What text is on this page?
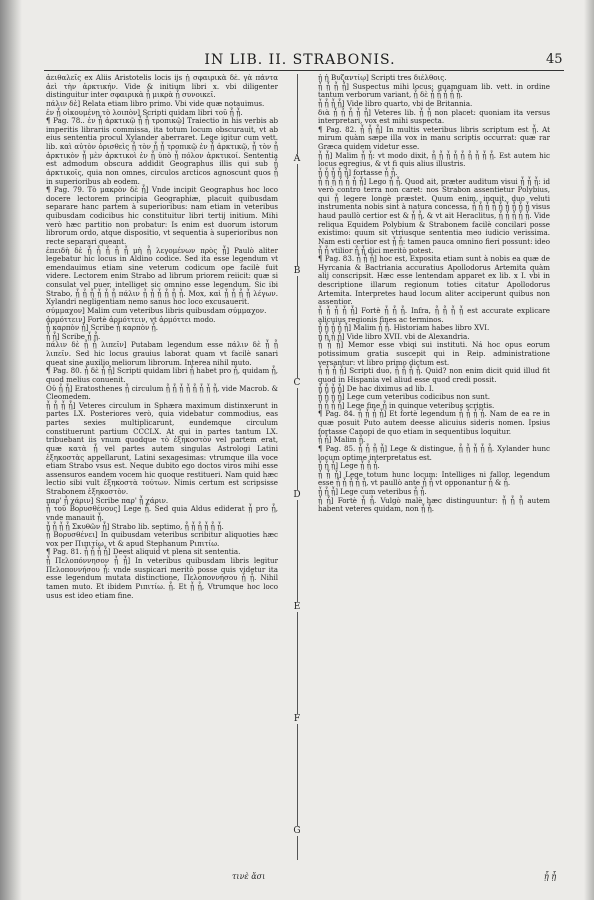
IN LIB. II. STRABONIS.	45

ἀειθαλεῖς ex Aliis Aristotelis locis ijs ᾗ σφαιρικὰ δὲ. γὰ πάντα ἀεὶ τὴν ἀρκτικήν. Vide & initium libri x. vbi diligenter distinguitur inter σφαιρικὰ ᾗ μικρὰ ᾗ συνοικεῖ.

πάλιν δὲ] Relata etiam libro primo. Vbi vide quæ notauimus.

ἐν ᾗ οἰκουμένῃ τὸ λοιπὸν] Scripti quidam libri τοῦ ᾗ ᾗ.

¶ Pag. 78.. ἐν ᾗ ἀρκτικῷ ᾗ ᾗ τροπικῷ] Traiectio in his verbis ab imperitis librariis commissa, ita totum locum obscurauit, vt ab eius sententia procul Xylander aberraret. Lege igitur cum vett. lib. καὶ αὐτὸν ὁρισθεὶς ᾗ τὸν ᾗ ᾗ τροπικῷ ἐν ᾗ ἀρκτικῷ, ᾗ τὸν ᾗ ἀρκτικὸν ᾗ μὲν ἀρκτικοὶ ἐν ᾗ ὑπὸ ᾗ πόλον ἀρκτικοί. Sententia est admodum obscura addidit Geographus illis qui sub ᾗ ἀρκτικοῖς, quia non omnes, circulos arcticos agnoscunt quos ᾗ in superioribus ab eodem.

¶ Pag. 79. Τὸ μακρὸν δὲ ᾗ] Vnde incipit Geographus hoc loco docere lectorem principia Geographiæ, placuit quibusdam separare hanc partem à superioribus: nam etiam in veteribus quibusdam codicibus hic constituitur libri tertij initium. Mihi verò hæc partitio non probatur: Is enim est duorum istorum librorum ordo, atque dispositio, vt sequentia à superioribus non recte separari queant.

ἐπειδὴ δὲ ᾗ ᾗ ᾗ ᾗ ᾗ μὴ ᾗ λεγομένων πρὸς ᾗ] Paulò aliter legebatur hic locus in Aldino codice. Sed ita esse legendum vt emendauimus etiam sine veterum codicum ope facilè fuit videre. Lectorem enim Strabo ad librum priorem reiicit: quæ si consulat vel puer, intelliget sic omnino esse legendum. Sic ibi Strabo, ᾗ ᾗ ᾗ ᾗ ᾗ ᾗ πάλιν ᾗ ᾗ ᾗ ᾗ ᾗ ᾗ. Mox, καὶ ᾗ ᾗ ᾗ ᾗ λέγων. Xylandri negligentiam nemo sanus hoc loco excusauerit.

σύμμαχον] Malim cum veteribus libris quibusdam σύμμαχον.

ἀρμόττειν] Fortè ἁρμόττειν, vt ἀρμόττει modo.

ᾗ καρπὸν ᾗ] Scribe ᾗ καρπὸν ᾗ.

ᾗ ᾗ] Scribe ᾗ ᾗ.

πάλιν δὲ ᾗ ᾗ λιπεῖν] Putabam legendum esse πάλιν δὲ ᾗ ᾗ λιπεῖν. Sed hic locus grauius laborat quam vt facilè sanari queat sine auxilio meliorum librorum. Interea nihil muto.

¶ Pag. 80. ᾗ δὲ ᾗ ᾗ] Scripti quidam libri ᾗ habet pro ᾗ, quidam ᾗ, quod melius conuenit.

Οὐ ᾗ ᾗ] Eratosthenes ᾗ circulum ᾗ ᾗ ᾗ ᾗ ᾗ ᾗ ᾗ ᾗ, vide Macrob. & Cleomedem.

ᾗ ᾗ ᾗ ᾗ] Veteres circulum in Sphæra maximum distinxerunt in partes LX. Posteriores verò, quia videbatur commodius, eas partes sexies multiplicarunt, eundemque circulum constituerunt partium CCCLX. At qui in partes tantum LX. tribuebant iis vnum quodque τὸ ἑξηκοστὸν vel partem erat, quæ κατὰ ᾗ vel partes autem singulas Astrologi Latini ἑξηκοστὰς appellarunt, Latini sexagesimas: vtrumque illa voce etiam Strabo vsus est. Neque dubito ego doctos viros mihi esse assensuros eandem vocem hic quoque restitueri. Nam quid hæc lectio sibi vult ἑξηκοστὰ τούτων. Nimis certum est scripsisse Strabonem ἑξηκοστὸν.

παρ' ᾗ χάριν] Scribe παρ' ᾗ χάριν.

ᾗ τοῦ Βορυσθένους] Lege ᾗ. Sed quia Aldus ediderat ᾗ pro ᾗ, vnde manauit ᾗ.

ᾗ ᾗ ᾗ ᾗ Σκυθῶν ᾗ] Strabo lib. septimo, ᾗ ᾗ ᾗ ᾗ ᾗ ᾗ.

ᾗ Βορυσθένει] In quibusdam veteribus scribitur aliquoties hæc vox per Πιπιτίω, vt & apud Stephanum Pιπιτίω.

¶ Pag. 81. ᾗ ᾗ ᾗ ᾗ] Deest aliquid vt plena sit sententia.

ᾗ Πελοπόννησον ᾗ ᾗ] In veteribus quibusdam libris legitur Πελοποννήσου ᾗ: vnde suspicari meritò posse quis videtur ita esse legendum mutata distinctione, Πελοποννήσου ᾗ ᾗ. Nihil tamen muto. Et ibidem Pιπιτίω. ᾗ. Et ᾗ ᾗ, Vtrumque hoc loco usus est ideo etiam fine.

A
B
C
D
E
F
G

ᾗ ᾗ Βυζαντίῳ] Scripti tres διέλθοις.

ᾗ ᾗ ᾗ ᾗ] Suspectus mihi locus: quamquam lib. vett. in ordine tantum verborum variant, ᾗ δὲ ᾗ ᾗ ᾗ ᾗ ᾗ.

ᾗ ᾗ ᾗ ᾗ] Vide libro quarto, vbi de Britannia.

διὰ ᾗ ᾗ ᾗ ᾗ ᾗ] Veteres lib. ᾗ ᾗ non placet: quoniam ita versus interpretari, vox est mihi suspecta.

¶ Pag. 82. ᾗ ᾗ ᾗ] In multis veteribus libris scriptum est ᾗ. At mirum quàm sæpe illa vox in manu scriptis occurrat: quæ rar Græca quidem videtur esse.

ᾗ ᾗ] Malim ᾗ ᾗ: vt modo dixit, ᾗ ᾗ ᾗ ᾗ ᾗ ᾗ ᾗ ᾗ ᾗ. Est autem hic locus egregius, & vt fi quis alius illustris.

ᾗ ᾗ ᾗ ᾗ ᾗ] fortasse ᾗ ᾗ.

ᾗ ᾗ ᾗ ᾗ ᾗ ᾗ ᾗ] Lego ᾗ ᾗ. Quod ait, præter auditum visui ᾗ ᾗ ᾗ: id verò contro terra non caret: nos Strabon assentietur Polybius, qui ᾗ legere longè præstet. Quum enim, inquit, duo veluti instrumenta nobis sint à natura concessa, ᾗ ᾗ ᾗ ᾗ ᾗ ᾗ ᾗ ᾗ ᾗ visus haud paullò certior est & ᾗ ᾗ, & vt ait Heraclitus, ᾗ ᾗ ᾗ ᾗ ᾗ. Vide reliqua Equidem Polybium & Strabonem facilè concilari posse existimo: quum sit vtriusque sententia meo iudicio verissima. Nam esti certior est ᾗ ᾗ: tamen pauca omnino fieri possunt: ideo ᾗ ᾗ vtilior ᾗ ᾗ dici meritò potest.

¶ Pag. 83. ᾗ ᾗ ᾗ] hoc est, Exposita etiam sunt à nobis ea quæ de Hyrcania & Bactriania accuratius Apollodorus Artemita quàm alij conscripsit. Hæc esse lentendam apparet ex lib. x I. vbi in descriptione illarum regionum toties citatur Apollodorus Artemita. Interpretes haud locum aliter acciperunt quibus non assentior.

ᾗ ᾗ ᾗ ᾗ ᾗ] Fortè ᾗ ᾗ ᾗ. Infra, ᾗ ᾗ ᾗ ᾗ est accurate explicare alicuius regionis fines ac terminos.

ᾗ ᾗ ᾗ ᾗ ᾗ] Malim ᾗ ᾗ. Historiam habes libro XVI.

ᾗ ᾗ ᾗ ᾗ] Vide libro XVII. vbi de Alexandria.

ᾗ ᾗ ᾗ] Memor esse vbiqi sui instituti. Ná hoc opus eorum potissimum gratia suscepit qui in Reip. administratione versantur: vt libro primo dictum est.

ᾗ ᾗ ᾗ ᾗ] Scripti duo, ᾗ ᾗ ᾗ ᾗ. Quid? non enim dicit quid illud fit quod in Hispania vel aliud esse quod credi possit.

ᾗ ᾗ ᾗ ᾗ] De hac diximus ad lib. I.

ᾗ ᾗ ᾗ ᾗ] Lege cum veteribus codicibus non sunt.

ᾗ ᾗ ᾗ ᾗ] Lege fine ᾗ in quinque veteribus scriptis.

¶ Pag. 84. ᾗ ᾗ ᾗ ᾗ] Et fortè legendum ᾗ ᾗ ᾗ ᾗ. Nam de ea re in quæ posuit Puto autem deesse alicuius sideris nomen. Ipsius fortasse Canopi de quo etiam in sequentibus loquitur.

ᾗ ᾗ] Malim ᾗ.

¶ Pag. 85. ᾗ ᾗ ᾗ ᾗ] Lege & distingue, ᾗ ᾗ ᾗ ᾗ ᾗ. Xylander hunc locum optime interpretatus est.

ᾗ ᾗ ᾗ] Lege ᾗ ᾗ ᾗ.

ᾗ ᾗ ᾗ] Lege totum hunc locum: Intelliges ni fallor, legendum esse ᾗ ᾗ ᾗ ᾗ ᾗ, vt paullò ante ᾗ ᾗ vt opponantur ᾗ & ᾗ.

ᾗ ᾗ ᾗ] Lege cum veteribus ᾗ ᾗ.

ᾗ ᾗ] Fortè ᾗ ᾗ. Vulgò malè hæc distinguuntur: ᾗ ᾗ ᾗ autem habent veteres quidam, non ᾗ ᾗ.

τινὲ ἄσι	ᾗ ᾗ
